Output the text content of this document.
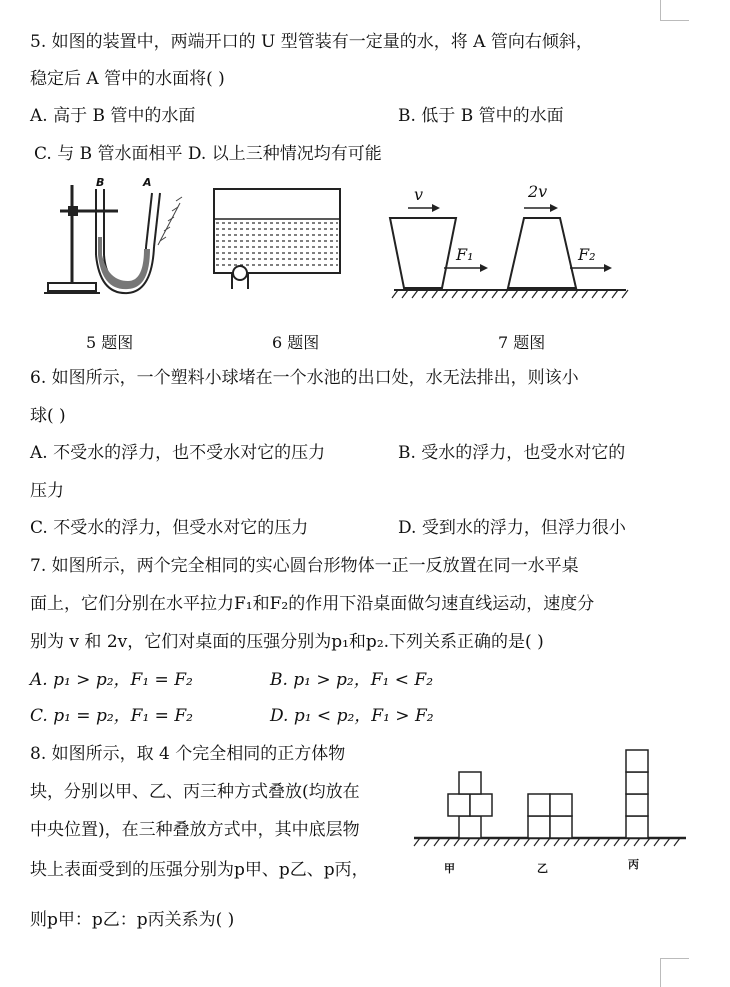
5. 如图的装置中，两端开口的 U 型管装有一定量的水，将 A 管向右倾斜，
稳定后 A 管中的水面将( )
A. 高于 B 管中的水面	B. 低于 B 管中的水面
C. 与 B 管水面相平 D. 以上三种情况均有可能
B	A
v	2v
F₁	F₂
5 题图	6 题图	7 题图
6. 如图所示，一个塑料小球堵在一个水池的出口处，水无法排出，则该小
球( )
A. 不受水的浮力，也不受水对它的压力	B. 受水的浮力，也受水对它的
压力
C. 不受水的浮力，但受水对它的压力	D. 受到水的浮力，但浮力很小
7. 如图所示，两个完全相同的实心圆台形物体一正一反放置在同一水平桌
面上，它们分别在水平拉力F₁和F₂的作用下沿桌面做匀速直线运动，速度分
别为 v 和 2v，它们对桌面的压强分别为p₁和p₂.下列关系正确的是( )
A. p₁ > p₂，F₁ = F₂	B. p₁ > p₂，F₁ < F₂
C. p₁ = p₂，F₁ = F₂	D. p₁ < p₂，F₁ > F₂
8. 如图所示，取 4 个完全相同的正方体物
块，分别以甲、乙、丙三种方式叠放(均放在
中央位置)，在三种叠放方式中，其中底层物
块上表面受到的压强分别为p甲、p乙、p丙，
则p甲：p乙：p丙关系为( )
甲	乙	丙
